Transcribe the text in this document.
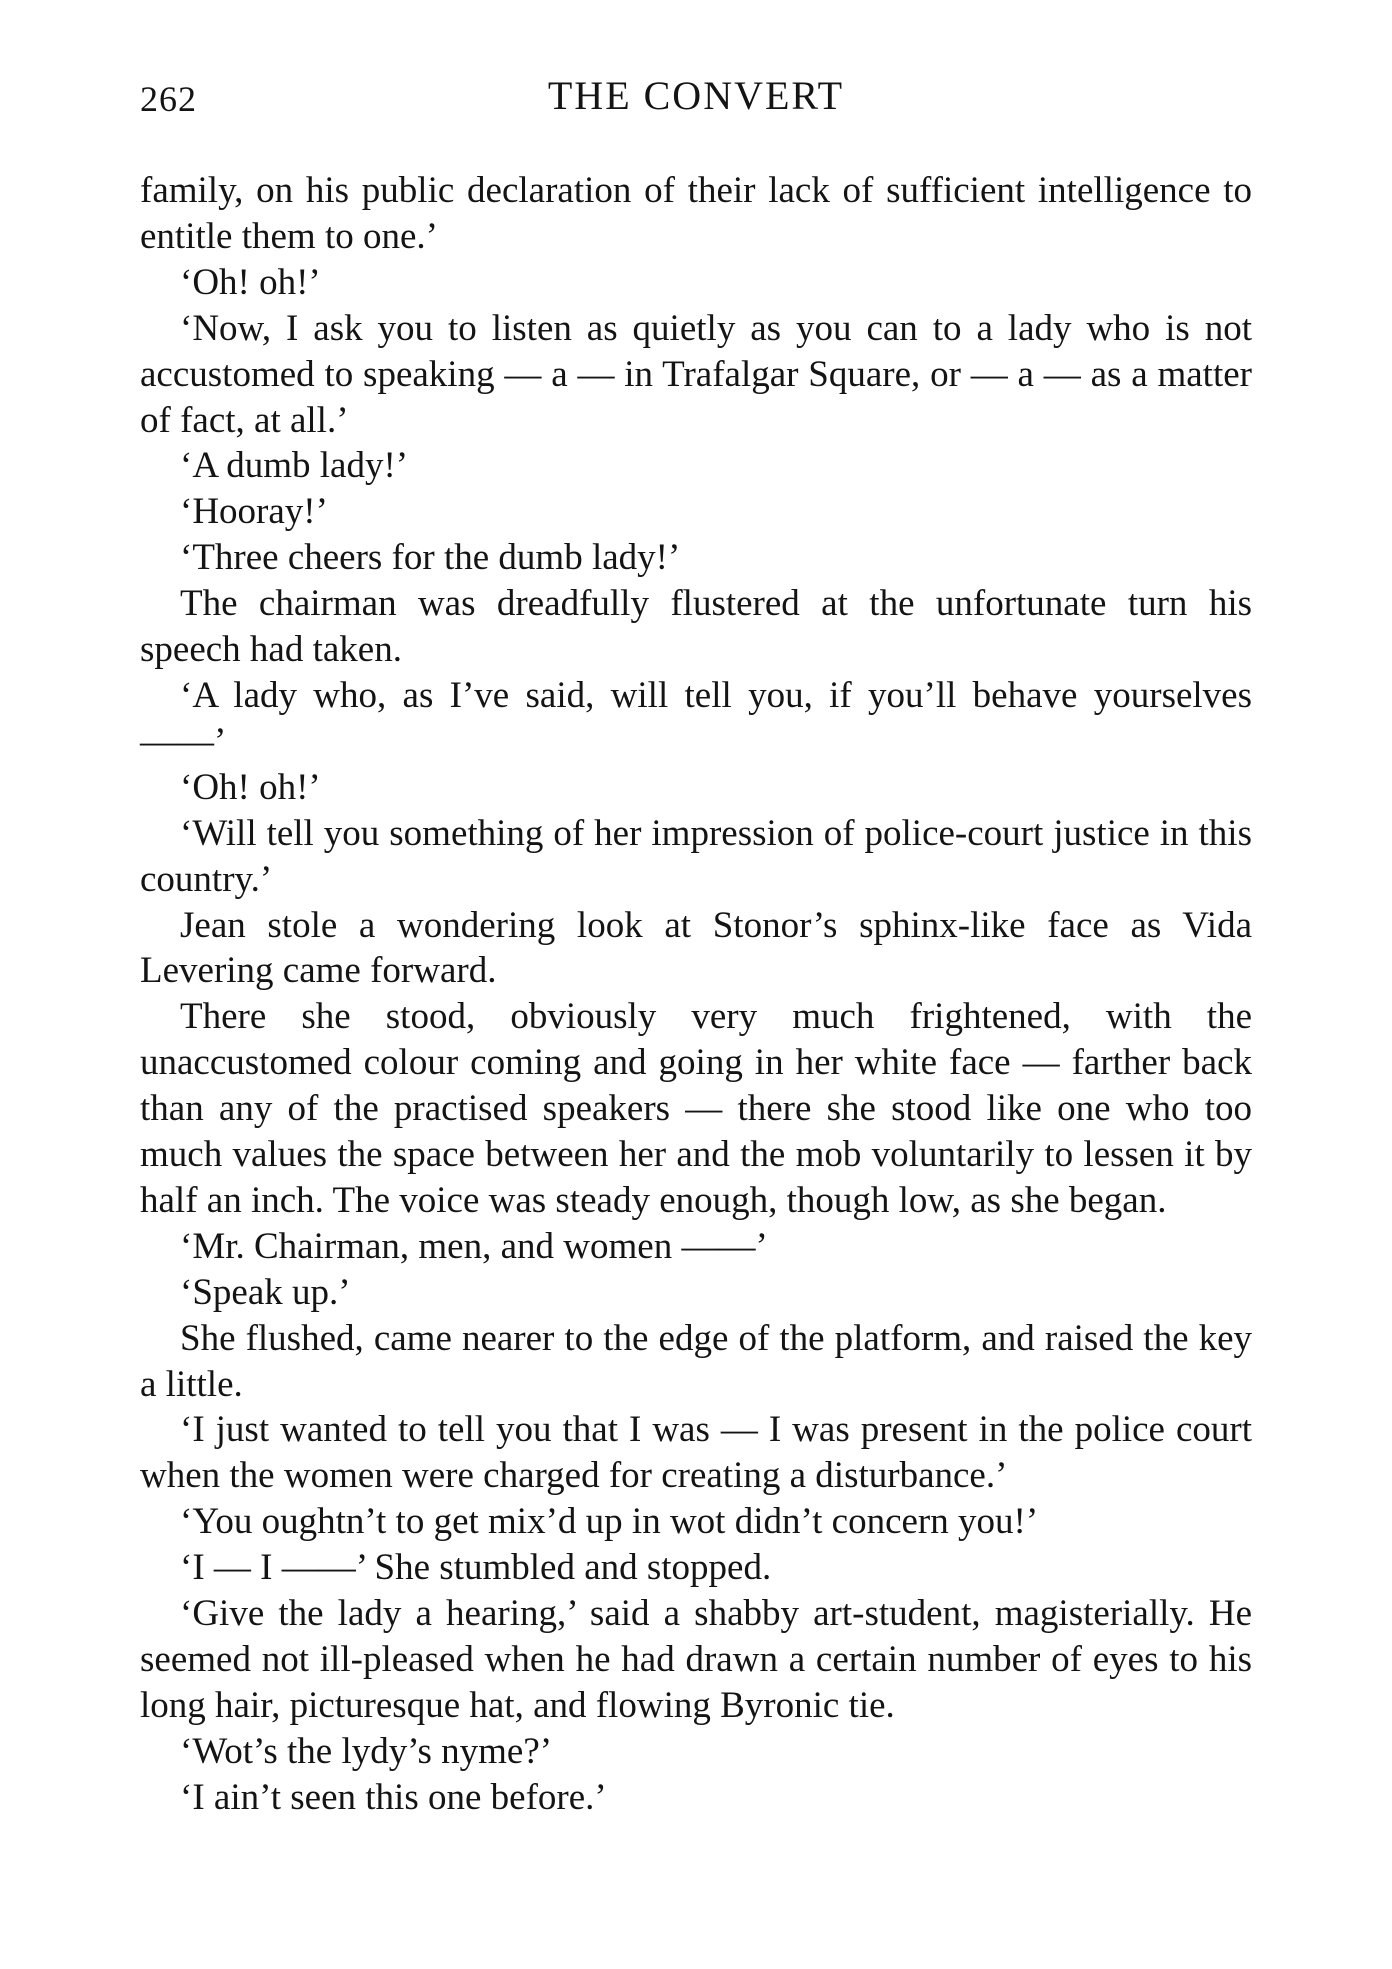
262	THE CONVERT

family, on his public declaration of their lack of sufficient intelligence to entitle them to one.’

‘Oh! oh!’

‘Now, I ask you to listen as quietly as you can to a lady who is not accustomed to speaking — a — in Trafalgar Square, or — a — as a matter of fact, at all.’

‘A dumb lady!’

‘Hooray!’

‘Three cheers for the dumb lady!’

The chairman was dreadfully flustered at the unfortunate turn his speech had taken.

‘A lady who, as I’ve said, will tell you, if you’ll behave yourselves ——’

‘Oh! oh!’

‘Will tell you something of her impression of police-court justice in this country.’

Jean stole a wondering look at Stonor’s sphinx-like face as Vida Levering came forward.

There she stood, obviously very much frightened, with the unaccustomed colour coming and going in her white face — farther back than any of the practised speakers — there she stood like one who too much values the space between her and the mob voluntarily to lessen it by half an inch. The voice was steady enough, though low, as she began.

‘Mr. Chairman, men, and women ——’

‘Speak up.’

She flushed, came nearer to the edge of the platform, and raised the key a little.

‘I just wanted to tell you that I was — I was present in the police court when the women were charged for creating a disturbance.’

‘You oughtn’t to get mix’d up in wot didn’t concern you!’

‘I — I ——’ She stumbled and stopped.

‘Give the lady a hearing,’ said a shabby art-student, magisterially. He seemed not ill-pleased when he had drawn a certain number of eyes to his long hair, picturesque hat, and flowing Byronic tie.

‘Wot’s the lydy’s nyme?’

‘I ain’t seen this one before.’
